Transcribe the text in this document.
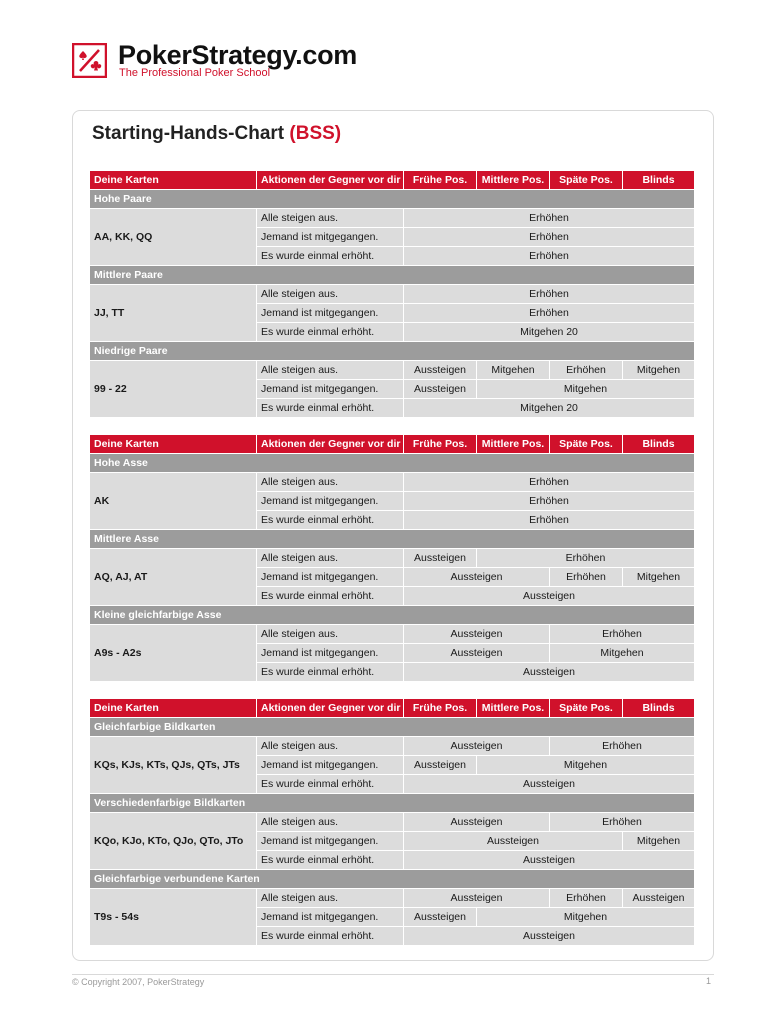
PokerStrategy.com
The Professional Poker School
Starting-Hands-Chart (BSS)
Deine Karten	Aktionen der Gegner vor dir	Frühe Pos.	Mittlere Pos.	Späte Pos.	Blinds
Hohe Paare					
AA, KK, QQ	Alle steigen aus.	Erhöhen			
	Jemand ist mitgegangen.	Erhöhen			
	Es wurde einmal erhöht.	Erhöhen			
Mittlere Paare					
JJ, TT	Alle steigen aus.	Erhöhen			
	Jemand ist mitgegangen.	Erhöhen			
	Es wurde einmal erhöht.	Mitgehen 20			
Niedrige Paare					
99 - 22	Alle steigen aus.	Aussteigen	Mitgehen	Erhöhen	Mitgehen
	Jemand ist mitgegangen.	Aussteigen	Mitgehen		
	Es wurde einmal erhöht.	Mitgehen 20			
Deine Karten	Aktionen der Gegner vor dir	Frühe Pos.	Mittlere Pos.	Späte Pos.	Blinds
Hohe Asse					
AK	Alle steigen aus.	Erhöhen			
	Jemand ist mitgegangen.	Erhöhen			
	Es wurde einmal erhöht.	Erhöhen			
Mittlere Asse					
AQ, AJ, AT	Alle steigen aus.	Aussteigen	Erhöhen		
	Jemand ist mitgegangen.	Aussteigen		Erhöhen	Mitgehen
	Es wurde einmal erhöht.	Aussteigen			
Kleine gleichfarbige Asse					
A9s - A2s	Alle steigen aus.	Aussteigen		Erhöhen	
	Jemand ist mitgegangen.	Aussteigen		Mitgehen	
	Es wurde einmal erhöht.	Aussteigen			
Deine Karten	Aktionen der Gegner vor dir	Frühe Pos.	Mittlere Pos.	Späte Pos.	Blinds
Gleichfarbige Bildkarten					
KQs, KJs, KTs, QJs, QTs, JTs	Alle steigen aus.	Aussteigen		Erhöhen	
	Jemand ist mitgegangen.	Aussteigen	Mitgehen		
	Es wurde einmal erhöht.	Aussteigen			
Verschiedenfarbige Bildkarten					
KQo, KJo, KTo, QJo, QTo, JTo	Alle steigen aus.	Aussteigen		Erhöhen	
	Jemand ist mitgegangen.	Aussteigen			Mitgehen
	Es wurde einmal erhöht.	Aussteigen			
Gleichfarbige verbundene Karten					
T9s - 54s	Alle steigen aus.	Aussteigen		Erhöhen	Aussteigen
	Jemand ist mitgegangen.	Aussteigen	Mitgehen		
	Es wurde einmal erhöht.	Aussteigen			
© Copyright 2007, PokerStrategy	1
